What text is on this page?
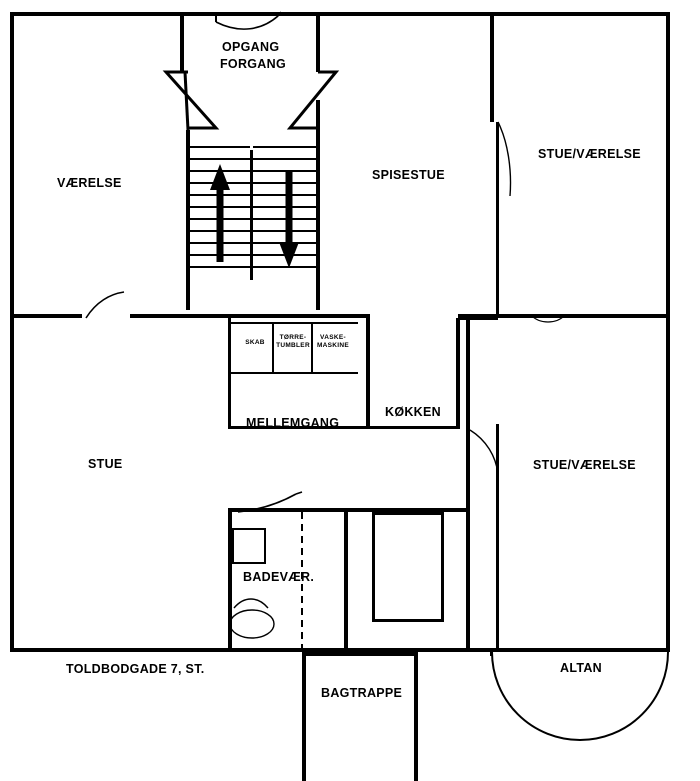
OPGANG
FORGANG
VÆRELSE
SPISESTUE
STUE/VÆRELSE
STUE/VÆRELSE
STUE
MELLEMGANG
KØKKEN
BADEVÆR.
BAGTRAPPE
ALTAN
SKAB
TØRRE- TUMBLER
VASKE- MASKINE
TOLDBODGADE 7, ST.
